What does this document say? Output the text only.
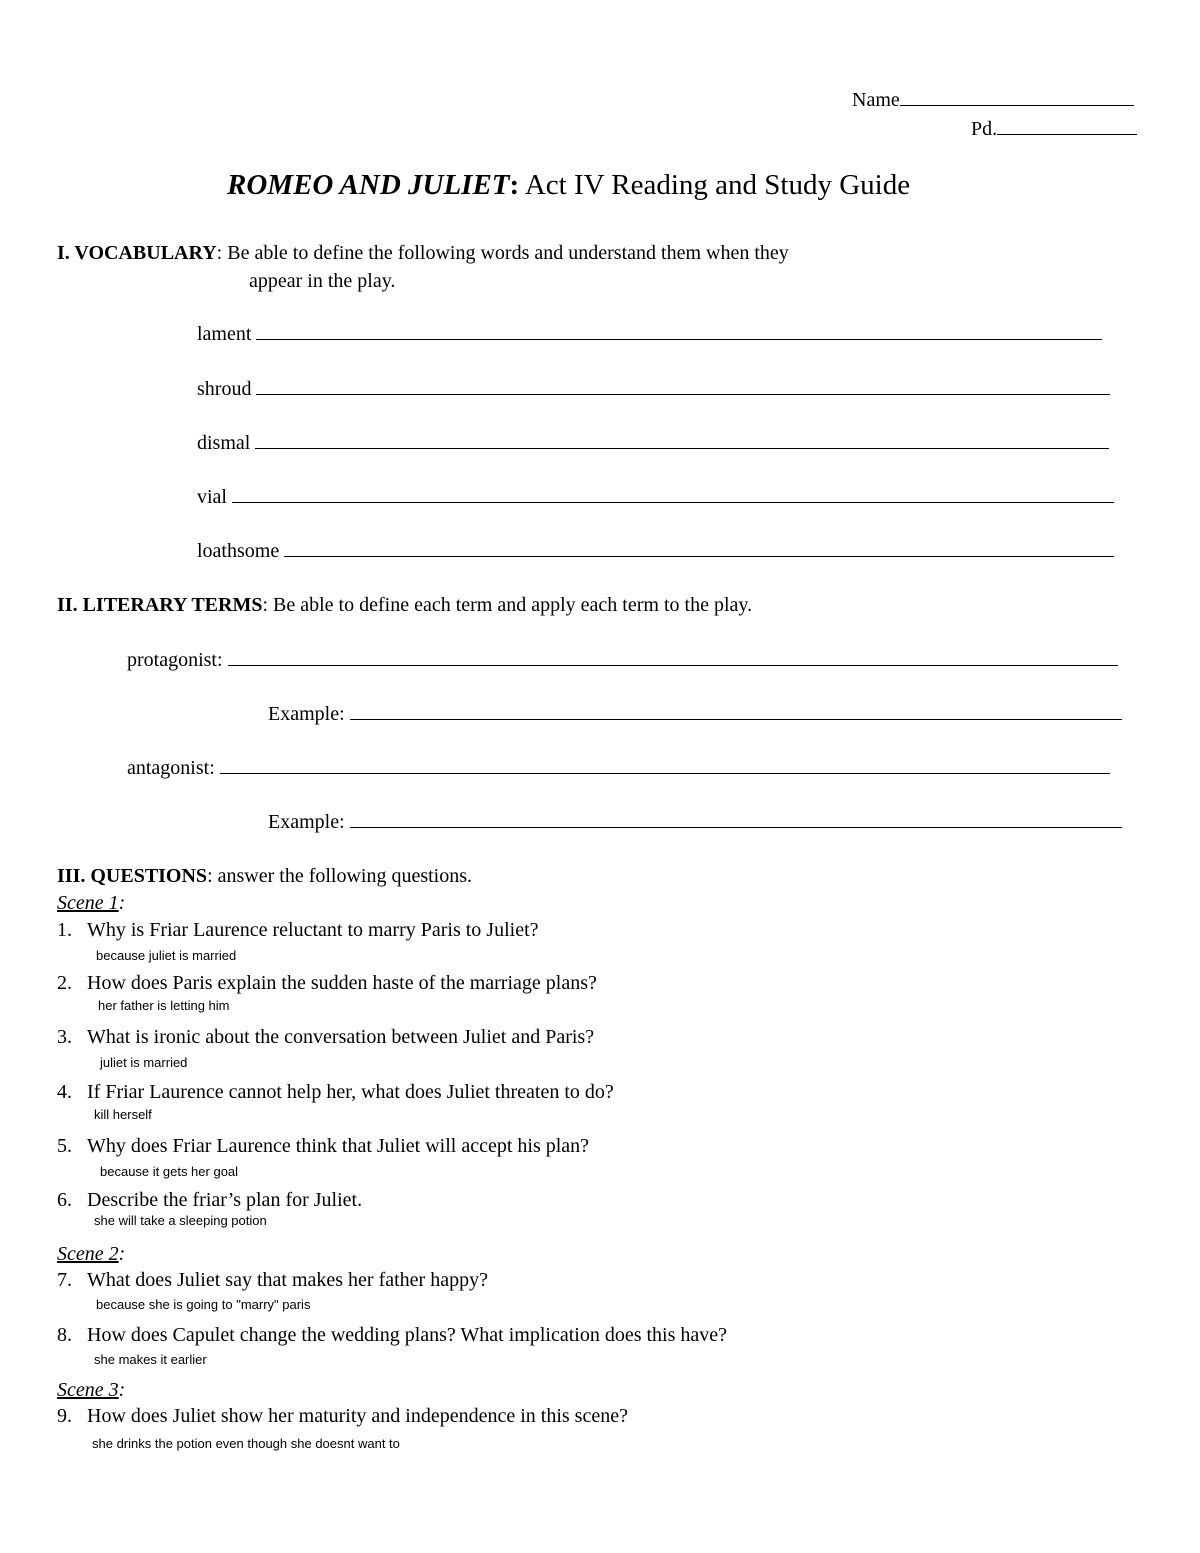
Name
Pd.
ROMEO AND JULIET: Act IV Reading and Study Guide
I. VOCABULARY: Be able to define the following words and understand them when they
appear in the play.
lament
shroud
dismal
vial
loathsome
II. LITERARY TERMS: Be able to define each term and apply each term to the play.
protagonist:
Example:
antagonist:
Example:
III. QUESTIONS: answer the following questions.
Scene 1:
1. Why is Friar Laurence reluctant to marry Paris to Juliet?
because juliet is married
2. How does Paris explain the sudden haste of the marriage plans?
her father is letting him
3. What is ironic about the conversation between Juliet and Paris?
juliet is married
4. If Friar Laurence cannot help her, what does Juliet threaten to do?
kill herself
5. Why does Friar Laurence think that Juliet will accept his plan?
because it gets her goal
6. Describe the friar’s plan for Juliet.
she will take a sleeping potion
Scene 2:
7. What does Juliet say that makes her father happy?
because she is going to "marry" paris
8. How does Capulet change the wedding plans? What implication does this have?
she makes it earlier
Scene 3:
9. How does Juliet show her maturity and independence in this scene?
she drinks the potion even though she doesnt want to
